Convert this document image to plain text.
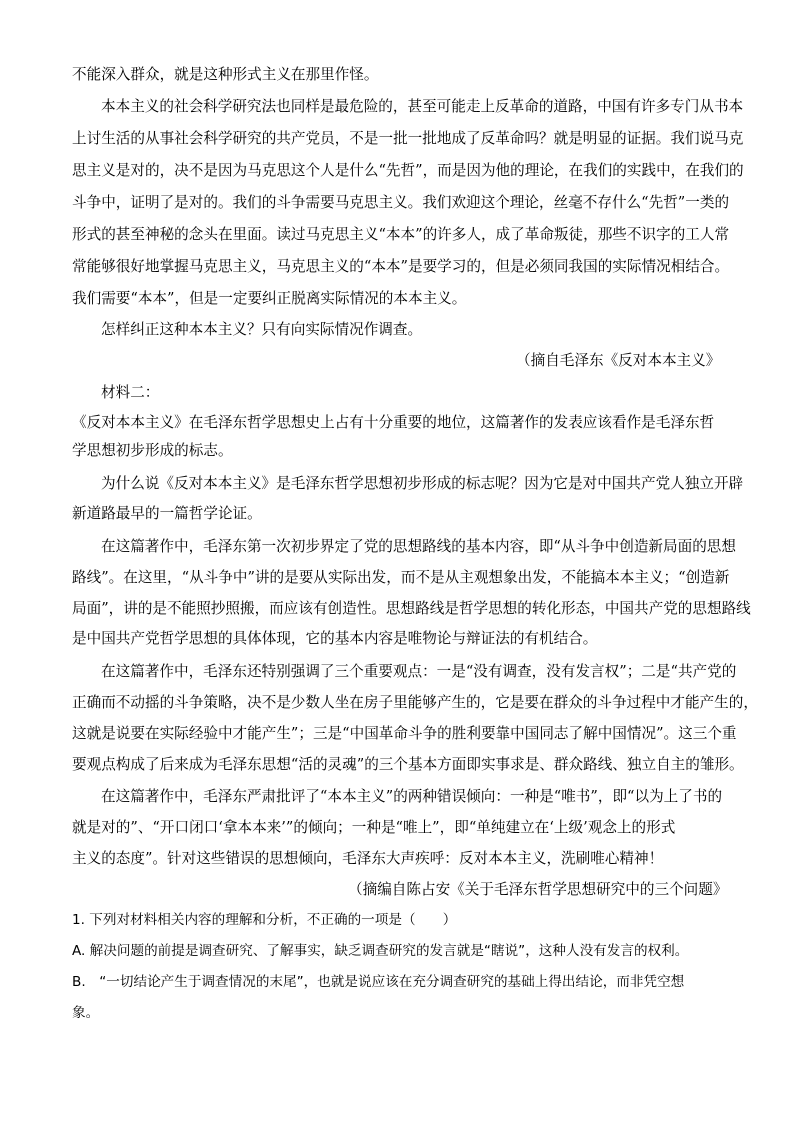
不能深入群众，就是这种形式主义在那里作怪。
本本主义的社会科学研究法也同样是最危险的，甚至可能走上反革命的道路，中国有许多专门从书本
上讨生活的从事社会科学研究的共产党员，不是一批一批地成了反革命吗？就是明显的证据。我们说马克
思主义是对的，决不是因为马克思这个人是什么“先哲”，而是因为他的理论，在我们的实践中，在我们的
斗争中，证明了是对的。我们的斗争需要马克思主义。我们欢迎这个理论，丝毫不存什么“先哲”一类的
形式的甚至神秘的念头在里面。读过马克思主义“本本”的许多人，成了革命叛徒，那些不识字的工人常
常能够很好地掌握马克思主义，马克思主义的“本本”是要学习的，但是必须同我国的实际情况相结合。
我们需要“本本”，但是一定要纠正脱离实际情况的本本主义。
怎样纠正这种本本主义？只有向实际情况作调查。
（摘自毛泽东《反对本本主义》
材料二：
《反对本本主义》在毛泽东哲学思想史上占有十分重要的地位，这篇著作的发表应该看作是毛泽东哲
学思想初步形成的标志。
为什么说《反对本本主义》是毛泽东哲学思想初步形成的标志呢？因为它是对中国共产党人独立开辟
新道路最早的一篇哲学论证。
在这篇著作中，毛泽东第一次初步界定了党的思想路线的基本内容，即“从斗争中创造新局面的思想
路线”。在这里，“从斗争中”讲的是要从实际出发，而不是从主观想象出发，不能搞本本主义；“创造新
局面”，讲的是不能照抄照搬，而应该有创造性。思想路线是哲学思想的转化形态，中国共产党的思想路线
是中国共产党哲学思想的具体体现，它的基本内容是唯物论与辩证法的有机结合。
在这篇著作中，毛泽东还特别强调了三个重要观点：一是“没有调查，没有发言权”；二是“共产党的
正确而不动摇的斗争策略，决不是少数人坐在房子里能够产生的，它是要在群众的斗争过程中才能产生的，
这就是说要在实际经验中才能产生”；三是“中国革命斗争的胜利要靠中国同志了解中国情况”。这三个重
要观点构成了后来成为毛泽东思想“活的灵魂”的三个基本方面即实事求是、群众路线、独立自主的雏形。
在这篇著作中，毛泽东严肃批评了“本本主义”的两种错误倾向：一种是“唯书”，即“以为上了书的
就是对的”、“开口闭口‘拿本本来’”的倾向；一种是“唯上”，即“单纯建立在‘上级’观念上的形式
主义的态度”。针对这些错误的思想倾向，毛泽东大声疾呼：反对本本主义，洗刷唯心精神！
（摘编自陈占安《关于毛泽东哲学思想研究中的三个问题》
1. 下列对材料相关内容的理解和分析，不正确的一项是（　　）
A. 解决问题的前提是调查研究、了解事实，缺乏调查研究的发言就是“瞎说”，这种人没有发言的权利。
B.　“一切结论产生于调查情况的末尾”，也就是说应该在充分调查研究的基础上得出结论，而非凭空想
象。
